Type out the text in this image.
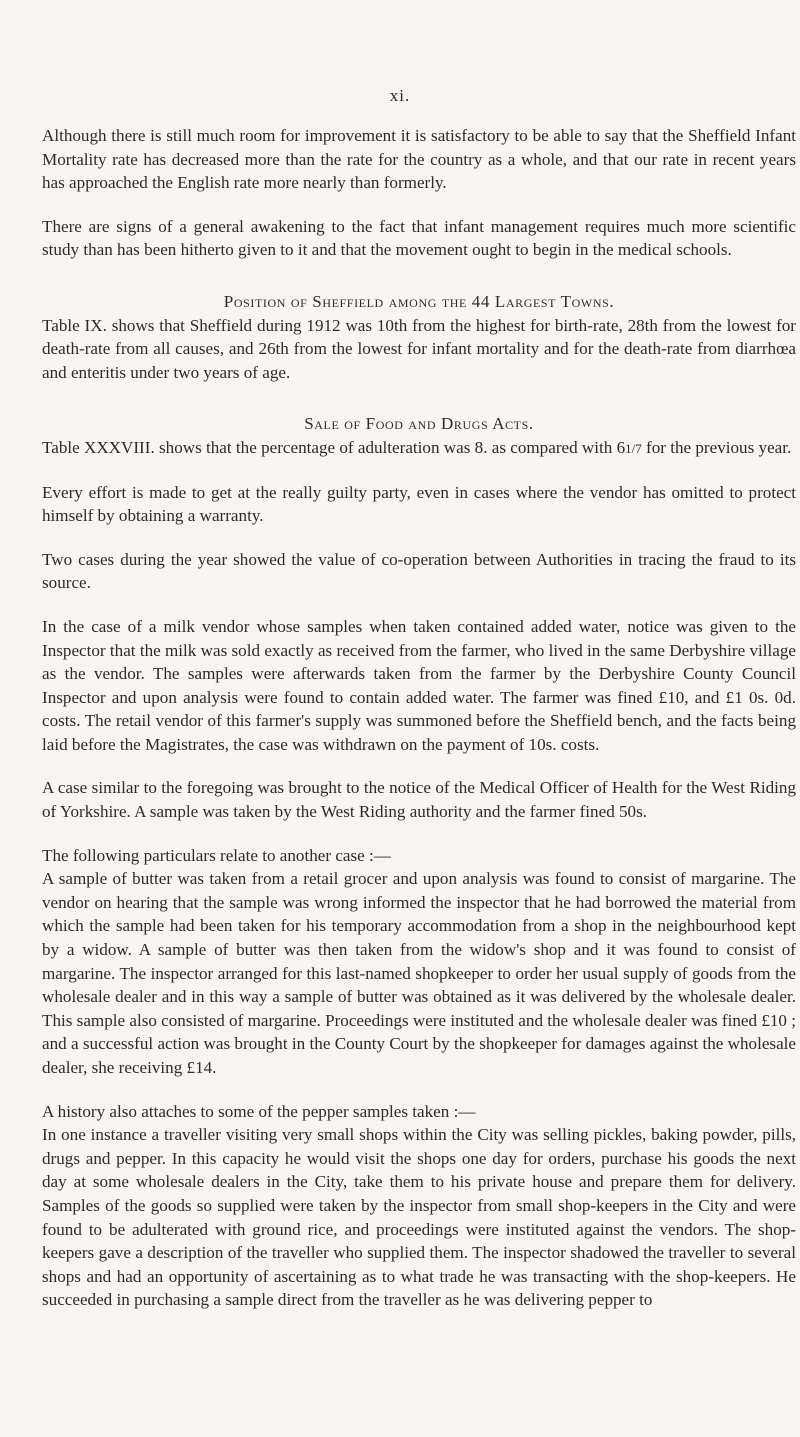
xi.

Although there is still much room for improvement it is satisfactory to be able to say that the Sheffield Infant Mortality rate has decreased more than the rate for the country as a whole, and that our rate in recent years has approached the English rate more nearly than formerly.

There are signs of a general awakening to the fact that infant management requires much more scientific study than has been hitherto given to it and that the movement ought to begin in the medical schools.

Position of Sheffield among the 44 Largest Towns.

Table IX. shows that Sheffield during 1912 was 10th from the highest for birth-rate, 28th from the lowest for death-rate from all causes, and 26th from the lowest for infant mortality and for the death-rate from diarrhœa and enteritis under two years of age.

Sale of Food and Drugs Acts.

Table XXXVIII. shows that the percentage of adulteration was 8. as compared with 61/7 for the previous year.

Every effort is made to get at the really guilty party, even in cases where the vendor has omitted to protect himself by obtaining a warranty.

Two cases during the year showed the value of co-operation between Authorities in tracing the fraud to its source.

In the case of a milk vendor whose samples when taken contained added water, notice was given to the Inspector that the milk was sold exactly as received from the farmer, who lived in the same Derbyshire village as the vendor. The samples were afterwards taken from the farmer by the Derbyshire County Council Inspector and upon analysis were found to contain added water. The farmer was fined £10, and £1 0s. 0d. costs. The retail vendor of this farmer's supply was summoned before the Sheffield bench, and the facts being laid before the Magistrates, the case was withdrawn on the payment of 10s. costs.

A case similar to the foregoing was brought to the notice of the Medical Officer of Health for the West Riding of Yorkshire. A sample was taken by the West Riding authority and the farmer fined 50s.

The following particulars relate to another case :—

A sample of butter was taken from a retail grocer and upon analysis was found to consist of margarine. The vendor on hearing that the sample was wrong informed the inspector that he had borrowed the material from which the sample had been taken for his temporary accommodation from a shop in the neighbourhood kept by a widow. A sample of butter was then taken from the widow's shop and it was found to consist of margarine. The inspector arranged for this last-named shopkeeper to order her usual supply of goods from the wholesale dealer and in this way a sample of butter was obtained as it was delivered by the wholesale dealer. This sample also consisted of margarine. Proceedings were instituted and the wholesale dealer was fined £10 ; and a successful action was brought in the County Court by the shopkeeper for damages against the wholesale dealer, she receiving £14.

A history also attaches to some of the pepper samples taken :—

In one instance a traveller visiting very small shops within the City was selling pickles, baking powder, pills, drugs and pepper. In this capacity he would visit the shops one day for orders, purchase his goods the next day at some wholesale dealers in the City, take them to his private house and prepare them for delivery. Samples of the goods so supplied were taken by the inspector from small shop-keepers in the City and were found to be adulterated with ground rice, and proceedings were instituted against the vendors. The shop-keepers gave a description of the traveller who supplied them. The inspector shadowed the traveller to several shops and had an opportunity of ascertaining as to what trade he was transacting with the shop-keepers. He succeeded in purchasing a sample direct from the traveller as he was delivering pepper to
